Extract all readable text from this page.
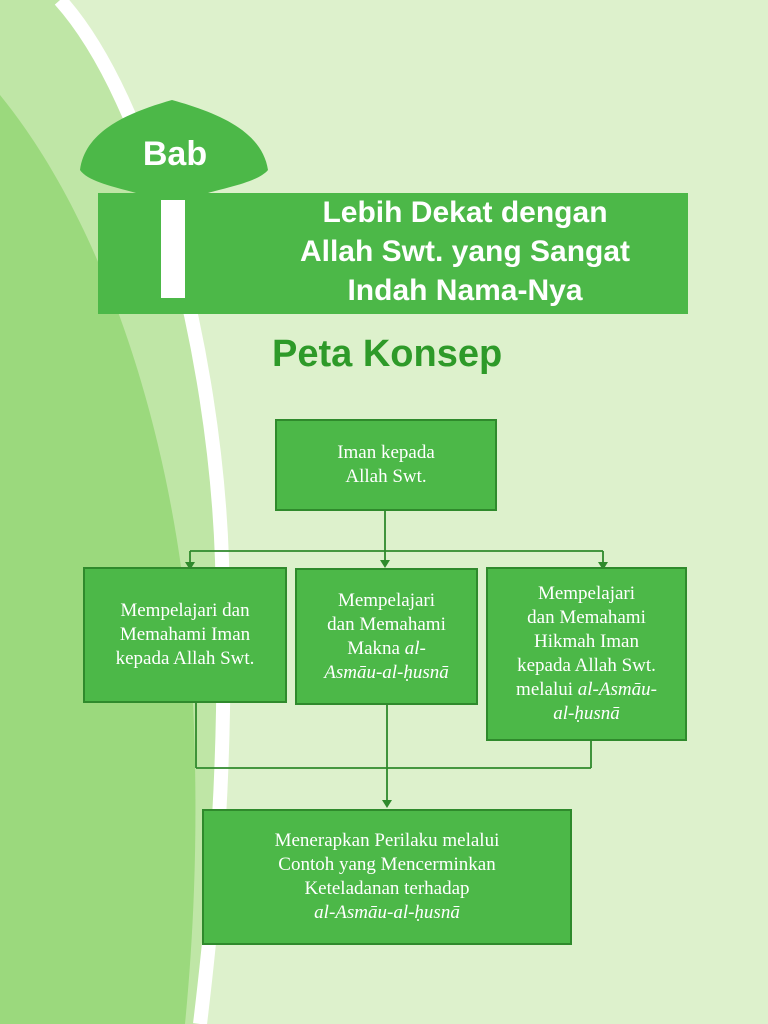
Bab
Lebih Dekat dengan
Allah Swt. yang Sangat
Indah Nama-Nya
Peta Konsep
Iman kepada
Allah Swt.
Mempelajari dan
Memahami Iman
kepada Allah Swt.
Mempelajari
dan Memahami
Makna al-
Asmāu-al-ḥusnā
Mempelajari
dan Memahami
Hikmah Iman
kepada Allah Swt.
melalui al-Asmāu-
al-ḥusnā
Menerapkan Perilaku melalui
Contoh yang Mencerminkan
Keteladanan terhadap
al-Asmāu-al-ḥusnā
